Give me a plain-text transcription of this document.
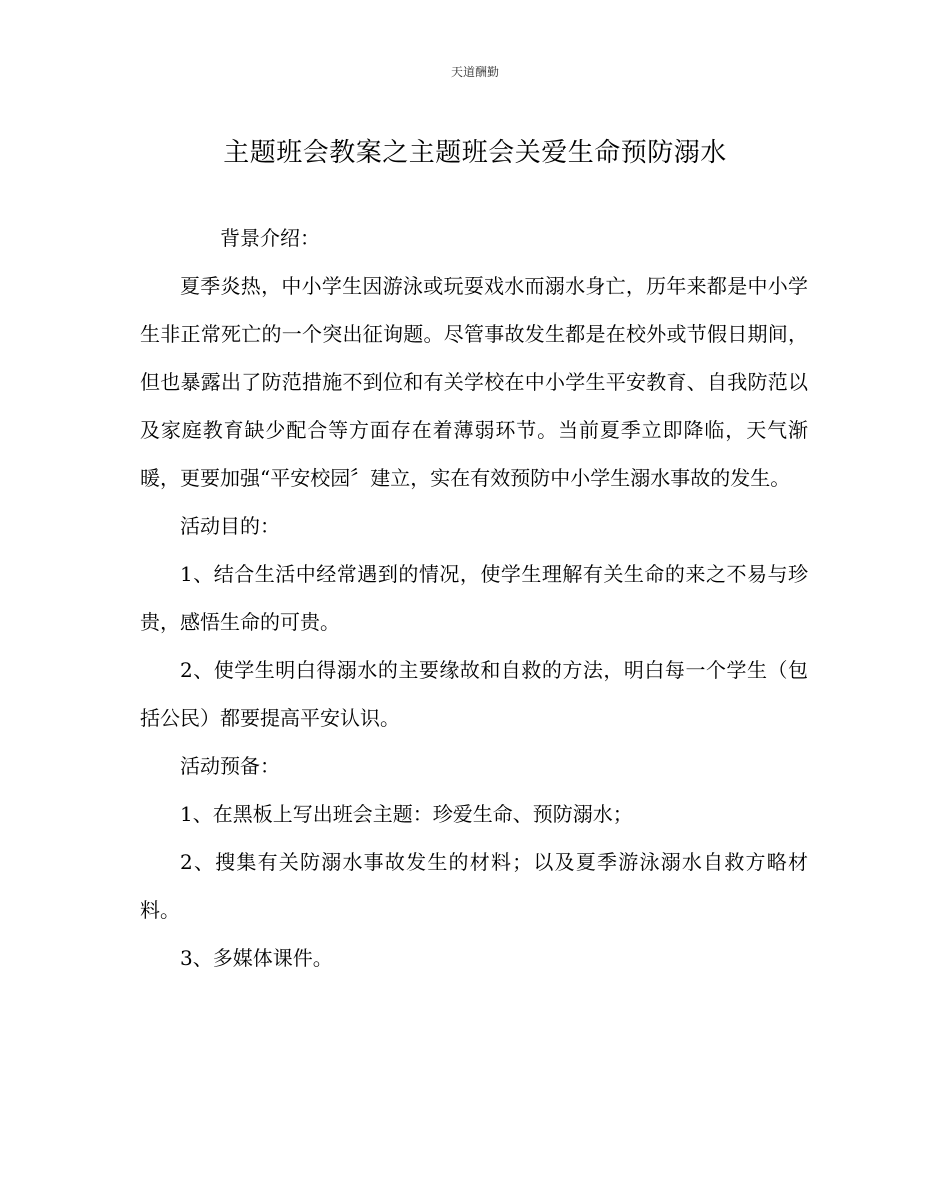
天道酬勤
主题班会教案之主题班会关爱生命预防溺水

背景介绍：

夏季炎热，中小学生因游泳或玩耍戏水而溺水身亡，历年来都是中小学生非正常死亡的一个突出征询题。尽管事故发生都是在校外或节假日期间，但也暴露出了防范措施不到位和有关学校在中小学生平安教育、自我防范以及家庭教育缺少配合等方面存在着薄弱环节。当前夏季立即降临，天气渐暖，更要加强“平安校园〞建立，实在有效预防中小学生溺水事故的发生。

活动目的：

1、结合生活中经常遇到的情况，使学生理解有关生命的来之不易与珍贵，感悟生命的可贵。

2、使学生明白得溺水的主要缘故和自救的方法，明白每一个学生（包括公民）都要提高平安认识。

活动预备：

1、在黑板上写出班会主题：珍爱生命、预防溺水；

2、搜集有关防溺水事故发生的材料；以及夏季游泳溺水自救方略材料。

3、多媒体课件。
